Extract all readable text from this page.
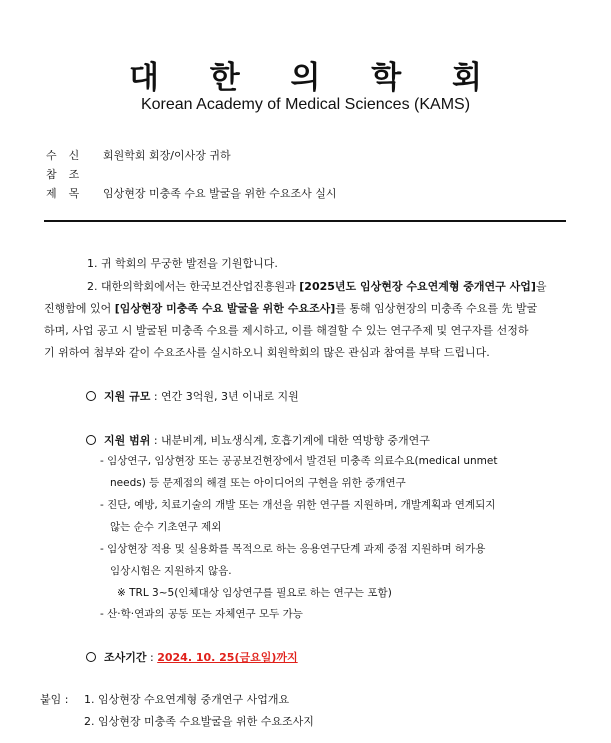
대 한 의 학 회
Korean Academy of Medical Sciences (KAMS)
수신 회원학회 회장/이사장 귀하
참조
제목 임상현장 미충족 수요 발굴을 위한 수요조사 실시
1. 귀 학회의 무궁한 발전을 기원합니다.
2. 대한의학회에서는 한국보건산업진흥원과 [2025년도 임상현장 수요연계형 중개연구 사업]을
진행함에 있어 [임상현장 미충족 수요 발굴을 위한 수요조사]를 통해 임상현장의 미충족 수요를 先 발굴
하며, 사업 공고 시 발굴된 미충족 수요를 제시하고, 이를 해결할 수 있는 연구주제 및 연구자를 선정하
기 위하여 첨부와 같이 수요조사를 실시하오니 회원학회의 많은 관심과 참여를 부탁 드립니다.
지원 규모 : 연간 3억원, 3년 이내로 지원
지원 범위 : 내분비계, 비뇨생식계, 호흡기계에 대한 역방향 중개연구
- 임상연구, 임상현장 또는 공공보건현장에서 발견된 미충족 의료수요(medical unmet
needs) 등 문제점의 해결 또는 아이디어의 구현을 위한 중개연구
- 진단, 예방, 치료기술의 개발 또는 개선을 위한 연구를 지원하며, 개발계획과 연계되지
않는 순수 기초연구 제외
- 임상현장 적용 및 실용화를 목적으로 하는 응용연구단계 과제 중점 지원하며 허가용
임상시험은 지원하지 않음.
※ TRL 3~5(인체대상 임상연구를 필요로 하는 연구는 포함)
- 산·학·연과의 공동 또는 자체연구 모두 가능
조사기간 : 2024. 10. 25(금요일)까지
붙임 : 1. 임상현장 수요연계형 중개연구 사업개요
2. 임상현장 미충족 수요발굴을 위한 수요조사지
